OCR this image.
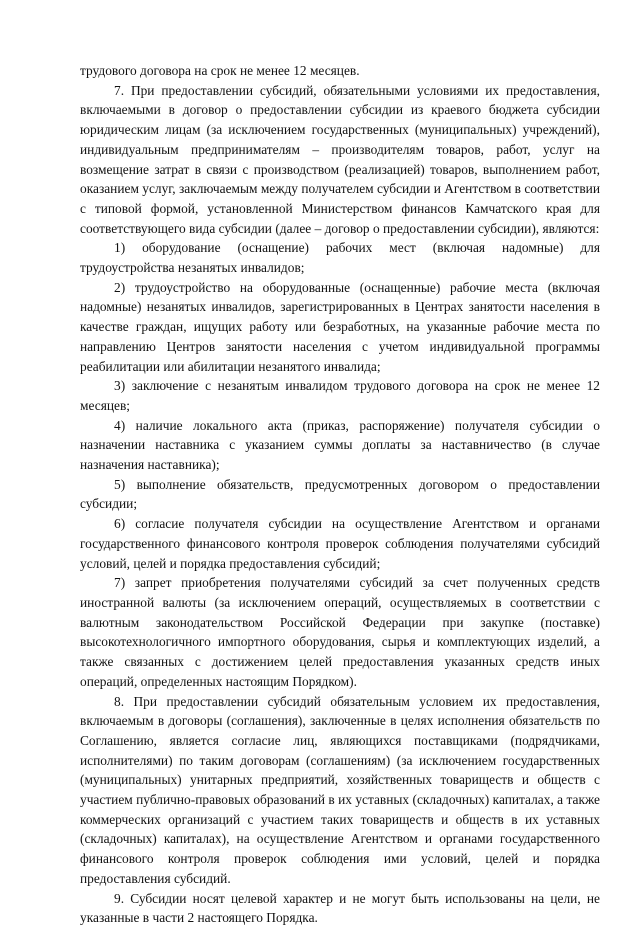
трудового договора на срок не менее 12 месяцев.

7. При предоставлении субсидий, обязательными условиями их предоставления, включаемыми в договор о предоставлении субсидии из краевого бюджета субсидии юридическим лицам (за исключением государственных (муниципальных) учреждений), индивидуальным предпринимателям – производителям товаров, работ, услуг на возмещение затрат в связи с производством (реализацией) товаров, выполнением работ, оказанием услуг, заключаемым между получателем субсидии и Агентством в соответствии с типовой формой, установленной Министерством финансов Камчатского края для соответствующего вида субсидии (далее – договор о предоставлении субсидии), являются:

1) оборудование (оснащение) рабочих мест (включая надомные) для трудоустройства незанятых инвалидов;

2) трудоустройство на оборудованные (оснащенные) рабочие места (включая надомные) незанятых инвалидов, зарегистрированных в Центрах занятости населения в качестве граждан, ищущих работу или безработных, на указанные рабочие места по направлению Центров занятости населения с учетом индивидуальной программы реабилитации или абилитации незанятого инвалида;

3) заключение с незанятым инвалидом трудового договора на срок не менее 12 месяцев;

4) наличие локального акта (приказ, распоряжение) получателя субсидии о назначении наставника с указанием суммы доплаты за наставничество (в случае назначения наставника);

5) выполнение обязательств, предусмотренных договором о предоставлении субсидии;

6) согласие получателя субсидии на осуществление Агентством и органами государственного финансового контроля проверок соблюдения получателями субсидий условий, целей и порядка предоставления субсидий;

7) запрет приобретения получателями субсидий за счет полученных средств иностранной валюты (за исключением операций, осуществляемых в соответствии с валютным законодательством Российской Федерации при закупке (поставке) высокотехнологичного импортного оборудования, сырья и комплектующих изделий, а также связанных с достижением целей предоставления указанных средств иных операций, определенных настоящим Порядком).

8. При предоставлении субсидий обязательным условием их предоставления, включаемым в договоры (соглашения), заключенные в целях исполнения обязательств по Соглашению, является согласие лиц, являющихся поставщиками (подрядчиками, исполнителями) по таким договорам (соглашениям) (за исключением государственных (муниципальных) унитарных предприятий, хозяйственных товариществ и обществ с участием публично-правовых образований в их уставных (складочных) капиталах, а также коммерческих организаций с участием таких товариществ и обществ в их уставных (складочных) капиталах), на осуществление Агентством и органами государственного финансового контроля проверок соблюдения ими условий, целей и порядка предоставления субсидий.

9. Субсидии носят целевой характер и не могут быть использованы на цели, не указанные в части 2 настоящего Порядка.
